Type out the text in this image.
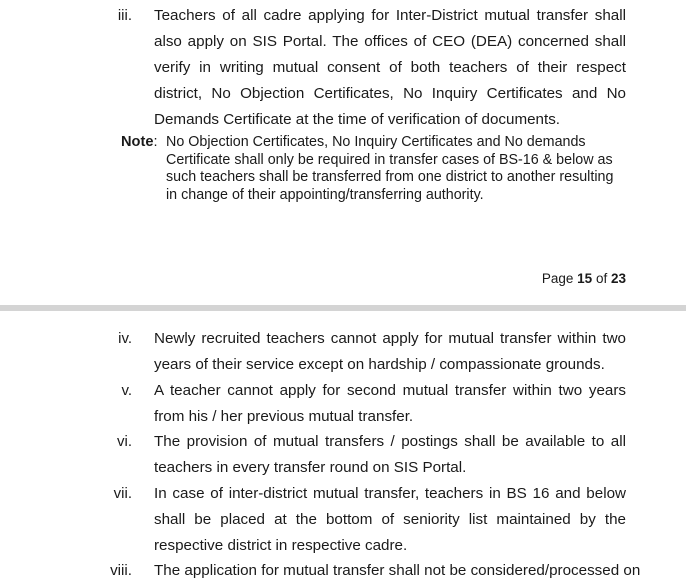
iii. Teachers of all cadre applying for Inter-District mutual transfer shall also apply on SIS Portal. The offices of CEO (DEA) concerned shall verify in writing mutual consent of both teachers of their respect district, No Objection Certificates, No Inquiry Certificates and No Demands Certificate at the time of verification of documents.
Note: No Objection Certificates, No Inquiry Certificates and No demands Certificate shall only be required in transfer cases of BS-16 & below as such teachers shall be transferred from one district to another resulting in change of their appointing/transferring authority.
Page 15 of 23
iv. Newly recruited teachers cannot apply for mutual transfer within two years of their service except on hardship / compassionate grounds.
v. A teacher cannot apply for second mutual transfer within two years from his / her previous mutual transfer.
vi. The provision of mutual transfers / postings shall be available to all teachers in every transfer round on SIS Portal.
vii. In case of inter-district mutual transfer, teachers in BS 16 and below shall be placed at the bottom of seniority list maintained by the respective district in respective cadre.
viii. The application for mutual transfer shall not be considered/processed on
